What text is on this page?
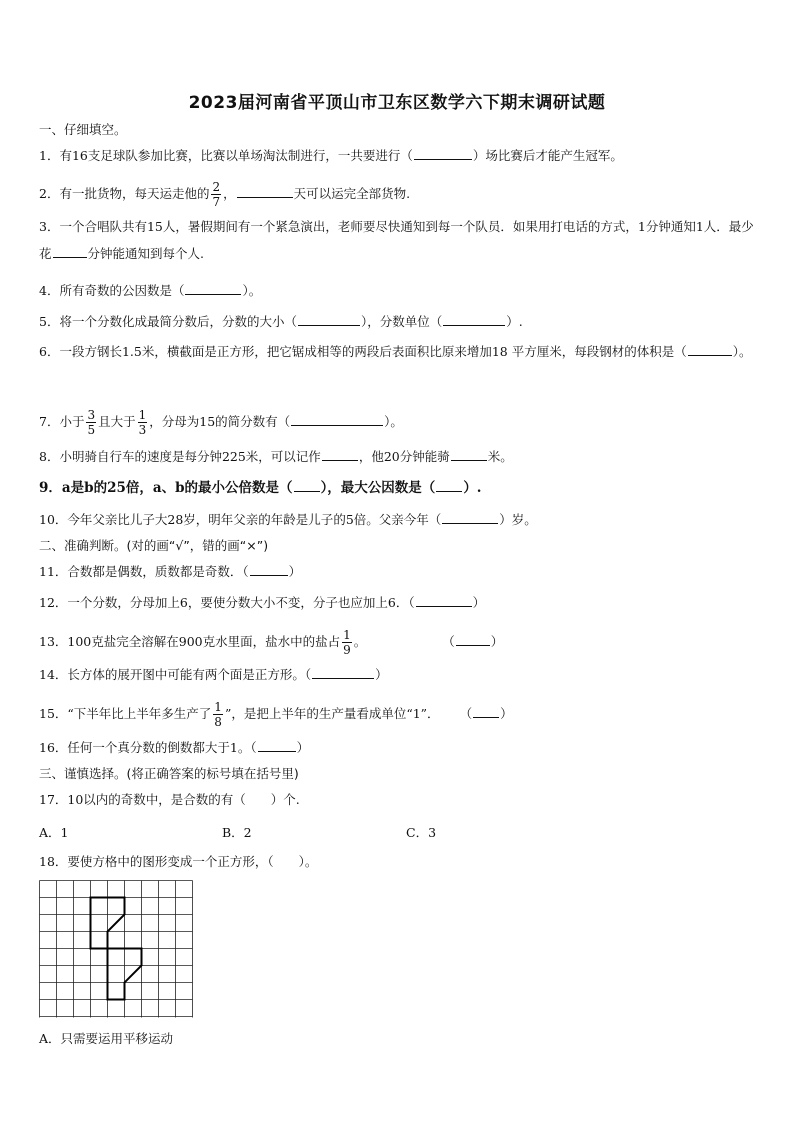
2023届河南省平顶山市卫东区数学六下期末调研试题
一、仔细填空。
1．有16支足球队参加比赛，比赛以单场淘汰制进行，一共要进行（	）场比赛后才能产生冠军。
2．有一批货物，每天运走他的 $\frac{2}{7}$ ，	天可以运完全部货物.
3．一个合唱队共有15人，暑假期间有一个紧急演出，老师要尽快通知到每一个队员．如果用打电话的方式，1分钟通知1人．最少花	分钟能通知到每个人.
4．所有奇数的公因数是（	）。
5．将一个分数化成最简分数后，分数的大小（	），分数单位（	）.
6．一段方钢长1.5米，横截面是正方形，把它锯成相等的两段后表面积比原来增加18 平方厘米，每段钢材的体积是（	）。
7．小于 $\frac{3}{5}$ 且大于 $\frac{1}{3}$ ，分母为15的简分数有（	）。
8．小明骑自行车的速度是每分钟225米，可以记作	，他20分钟能骑	米。
9．a是b的25倍，a、b的最小公倍数是（ ），最大公因数是（ ）.
10．今年父亲比儿子大28岁，明年父亲的年龄是儿子的5倍。父亲今年（	）岁。
二、准确判断。(对的画“√”，错的画“×”)
11．合数都是偶数，质数都是奇数．（	）
12．一个分数，分母加上6，要使分数大小不变，分子也应加上6．（	）
13．100克盐完全溶解在900克水里面，盐水中的盐占 $\frac{1}{9}$ 。	（	）
14．长方体的展开图中可能有两个面是正方形。（	）
15．“下半年比上半年多生产了 $\frac{1}{8}$ ”，是把上半年的生产量看成单位“1”． （ ）
16．任何一个真分数的倒数都大于1。（	）
三、谨慎选择。(将正确答案的标号填在括号里)
17．10以内的奇数中，是合数的有（　　）个.
A．1	B．2	C．3
18．要使方格中的图形变成一个正方形，（　　）。
A．只需要运用平移运动
